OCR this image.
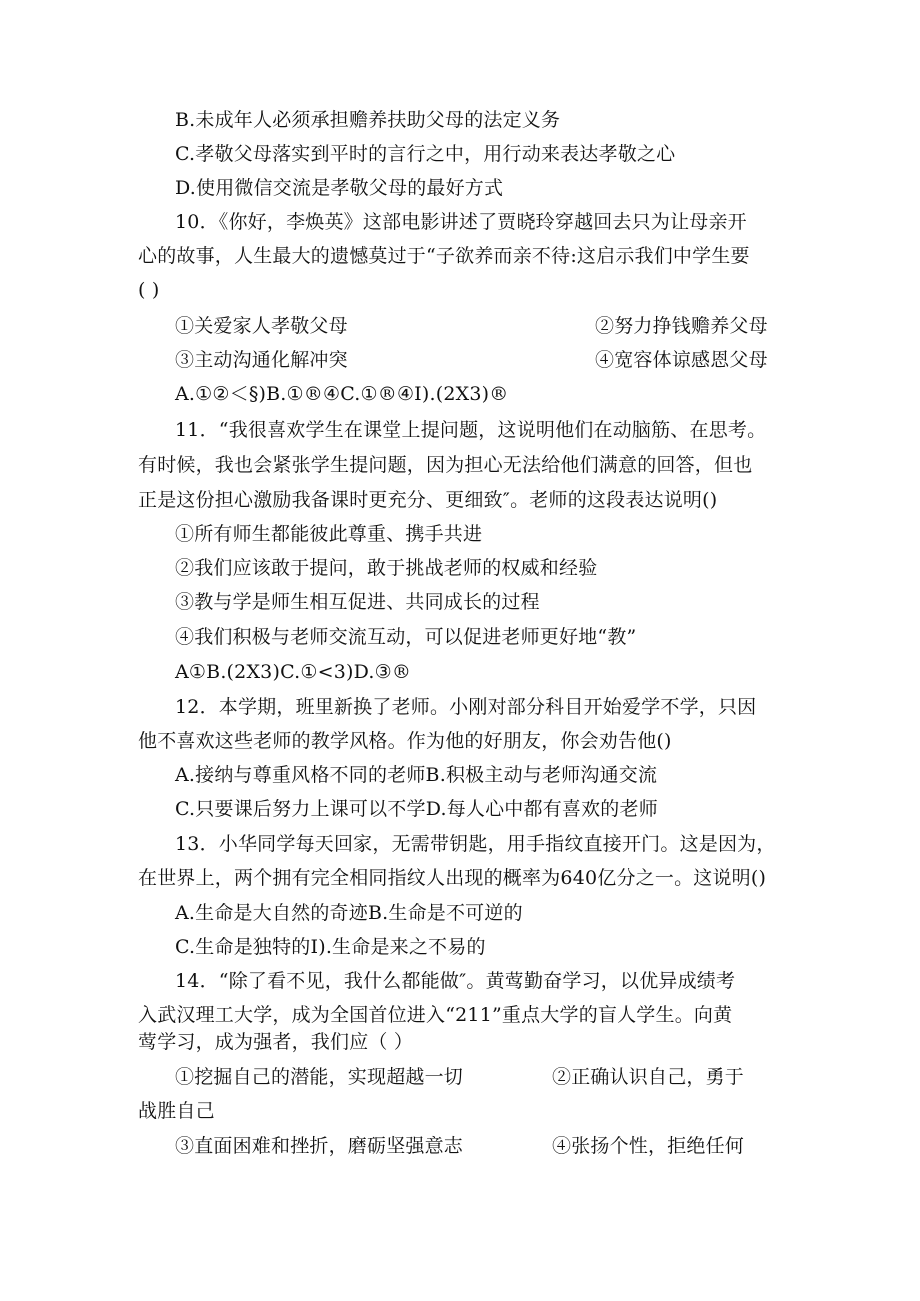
B.未成年人必须承担赡养扶助父母的法定义务
C.孝敬父母落实到平时的言行之中，用行动来表达孝敬之心
D.使用微信交流是孝敬父母的最好方式
10．《你好，李焕英》这部电影讲述了贾晓玲穿越回去只为让母亲开
心的故事，人生最大的遗憾莫过于“子欲养而亲不待:这启示我们中学生要
( )
①关爱家人孝敬父母	②努力挣钱赡养父母
③主动沟通化解冲突	④宽容体谅感恩父母
A.①②＜§)B.①®④C.①®④I).(2X3)®
11．“我很喜欢学生在课堂上提问题，这说明他们在动脑筋、在思考。
有时候，我也会紧张学生提问题，因为担心无法给他们满意的回答，但也
正是这份担心激励我备课时更充分、更细致″。老师的这段表达说明()
①所有师生都能彼此尊重、携手共进
②我们应该敢于提问，敢于挑战老师的权威和经验
③教与学是师生相互促进、共同成长的过程
④我们积极与老师交流互动，可以促进老师更好地“教”
A①B.(2X3)C.①<3)D.③®
12．本学期，班里新换了老师。小刚对部分科目开始爱学不学，只因
他不喜欢这些老师的教学风格。作为他的好朋友，你会劝告他()
A.接纳与尊重风格不同的老师B.积极主动与老师沟通交流
C.只要课后努力上课可以不学D.每人心中都有喜欢的老师
13．小华同学每天回家，无需带钥匙，用手指纹直接开门。这是因为，
在世界上，两个拥有完全相同指纹人出现的概率为640亿分之一。这说明()
A.生命是大自然的奇迹B.生命是不可逆的
C.生命是独特的I).生命是来之不易的
14．“除了看不见，我什么都能做″。黄莺勤奋学习，以优异成绩考
入武汉理工大学，成为全国首位进入“211”重点大学的盲人学生。向黄
莺学习，成为强者，我们应（ ）
①挖掘自己的潜能，实现超越一切	②正确认识自己，勇于
战胜自己
③直面困难和挫折，磨砺坚强意志	④张扬个性，拒绝任何
